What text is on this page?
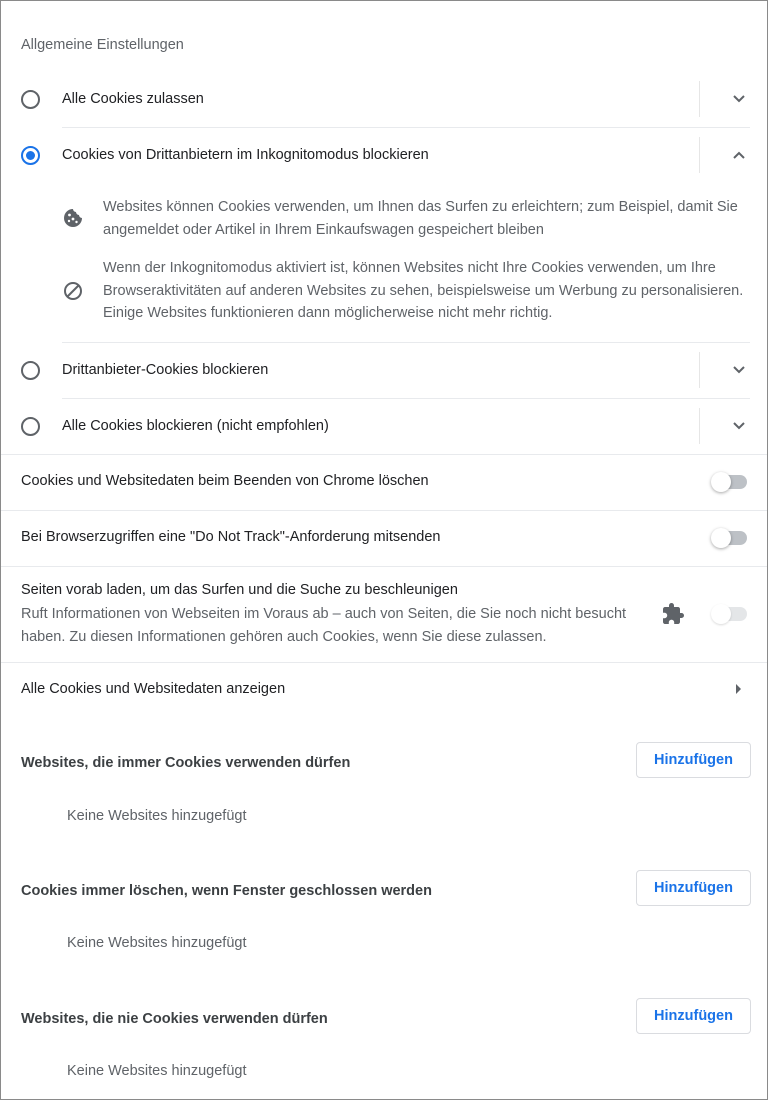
Allgemeine Einstellungen
Alle Cookies zulassen
Cookies von Drittanbietern im Inkognitomodus blockieren
Websites können Cookies verwenden, um Ihnen das Surfen zu erleichtern; zum Beispiel, damit Sie angemeldet oder Artikel in Ihrem Einkaufswagen gespeichert bleiben
Wenn der Inkognitomodus aktiviert ist, können Websites nicht Ihre Cookies verwenden, um Ihre Browseraktivitäten auf anderen Websites zu sehen, beispielsweise um Werbung zu personalisieren. Einige Websites funktionieren dann möglicherweise nicht mehr richtig.
Drittanbieter-Cookies blockieren
Alle Cookies blockieren (nicht empfohlen)
Cookies und Websitedaten beim Beenden von Chrome löschen
Bei Browserzugriffen eine "Do Not Track"-Anforderung mitsenden
Seiten vorab laden, um das Surfen und die Suche zu beschleunigen
Ruft Informationen von Webseiten im Voraus ab – auch von Seiten, die Sie noch nicht besucht haben. Zu diesen Informationen gehören auch Cookies, wenn Sie diese zulassen.
Alle Cookies und Websitedaten anzeigen
Websites, die immer Cookies verwenden dürfen	Hinzufügen
Keine Websites hinzugefügt
Cookies immer löschen, wenn Fenster geschlossen werden	Hinzufügen
Keine Websites hinzugefügt
Websites, die nie Cookies verwenden dürfen	Hinzufügen
Keine Websites hinzugefügt
